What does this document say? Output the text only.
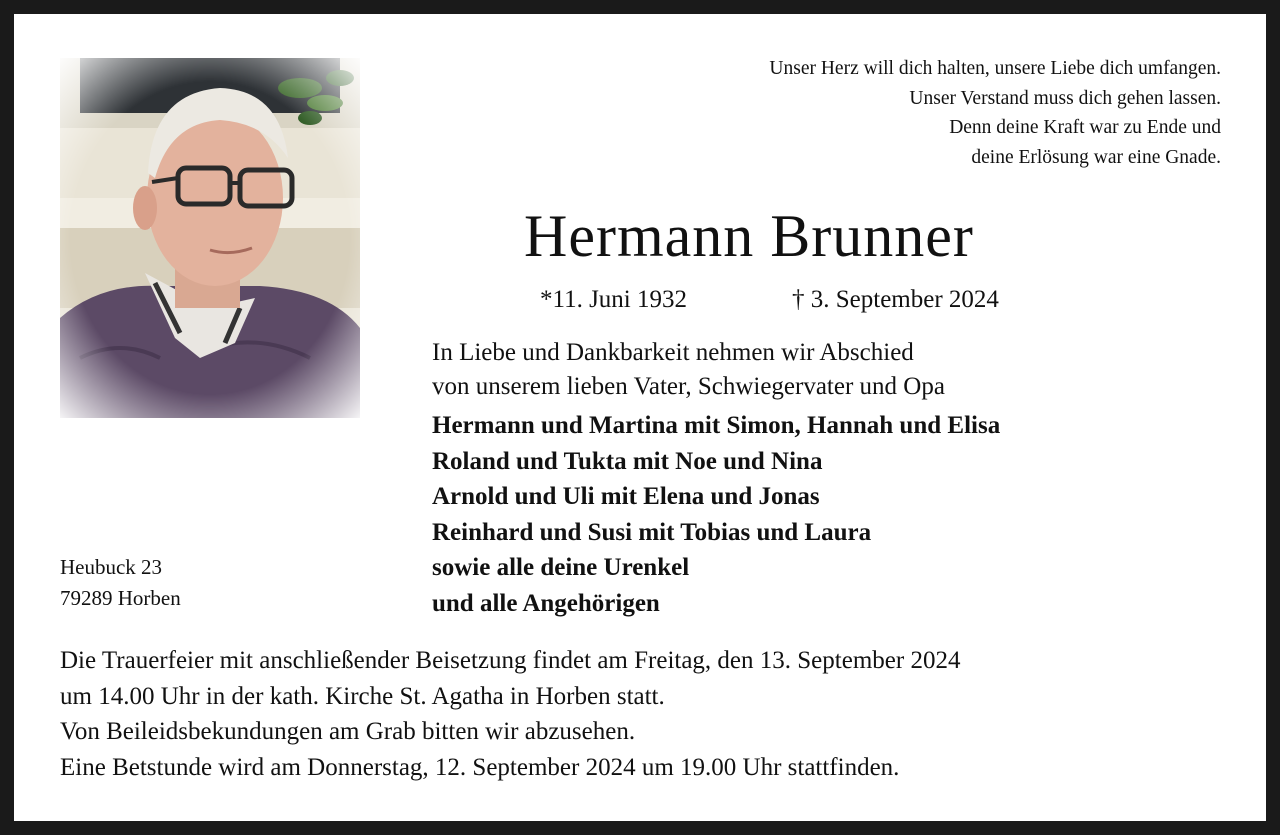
Unser Herz will dich halten, unsere Liebe dich umfangen.
Unser Verstand muss dich gehen lassen.
Denn deine Kraft war zu Ende und
deine Erlösung war eine Gnade.
Hermann Brunner
*11. Juni 1932	† 3. September 2024
In Liebe und Dankbarkeit nehmen wir Abschied
von unserem lieben Vater, Schwiegervater und Opa
Hermann und Martina mit Simon, Hannah und Elisa
Roland und Tukta mit Noe und Nina
Arnold und Uli mit Elena und Jonas
Reinhard und Susi mit Tobias und Laura
sowie alle deine Urenkel
und alle Angehörigen
Heubuck 23
79289 Horben
Die Trauerfeier mit anschließender Beisetzung findet am Freitag, den 13. September 2024
um 14.00 Uhr in der kath. Kirche St. Agatha in Horben statt.
Von Beileidsbekundungen am Grab bitten wir abzusehen.
Eine Betstunde wird am Donnerstag, 12. September 2024 um 19.00 Uhr stattfinden.
